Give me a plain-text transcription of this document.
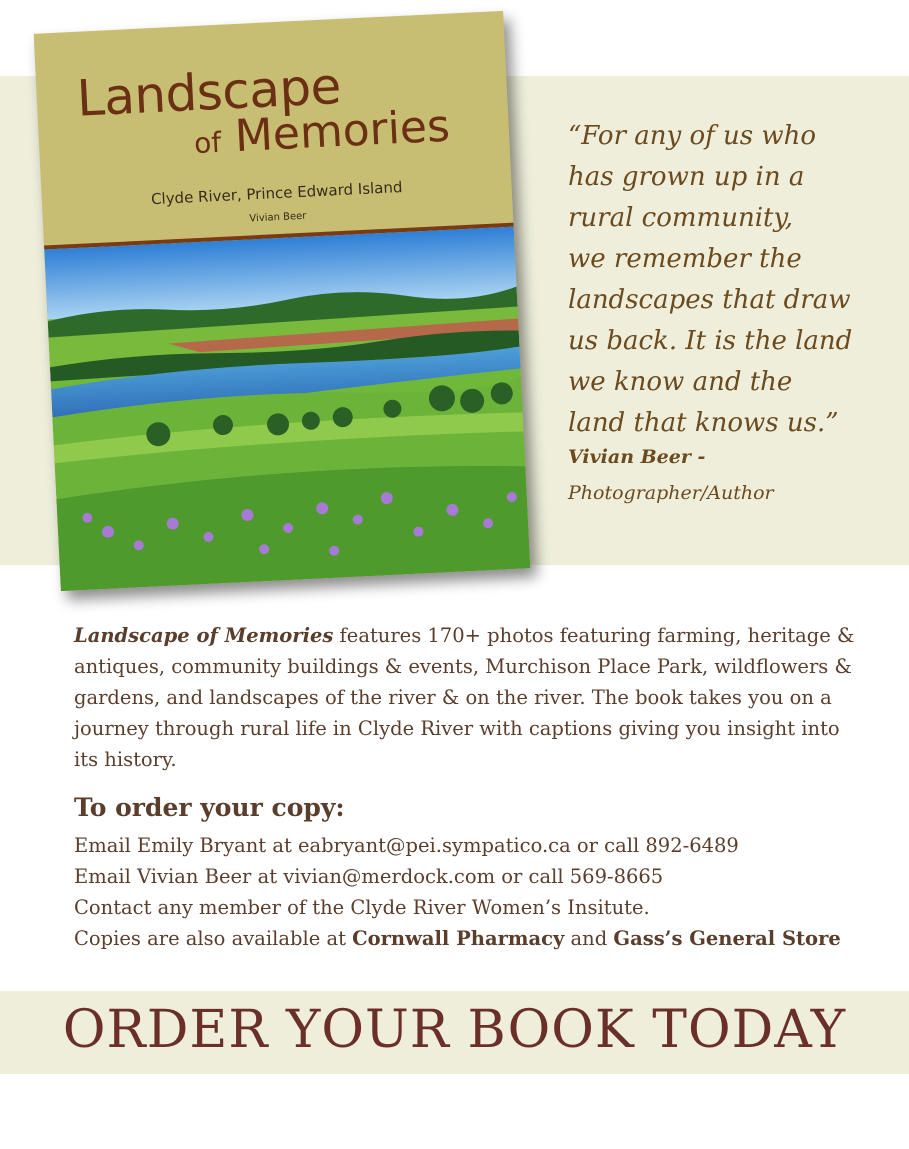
Landscape
of Memories
Clyde River, Prince Edward Island
Vivian Beer
“For any of us who
has grown up in a
rural community,
we remember the
landscapes that draw
us back. It is the land
we know and the
land that knows us.”
Vivian Beer -
Photographer/Author
Landscape of Memories features 170+ photos featuring farming, heritage &
antiques, community buildings & events, Murchison Place Park, wildflowers &
gardens, and landscapes of the river & on the river. The book takes you on a
journey through rural life in Clyde River with captions giving you insight into
its history.
To order your copy:
Email Emily Bryant at eabryant@pei.sympatico.ca or call 892-6489
Email Vivian Beer at vivian@merdock.com or call 569-8665
Contact any member of the Clyde River Women’s Insitute.
Copies are also available at Cornwall Pharmacy and Gass’s General Store
ORDER YOUR BOOK TODAY
